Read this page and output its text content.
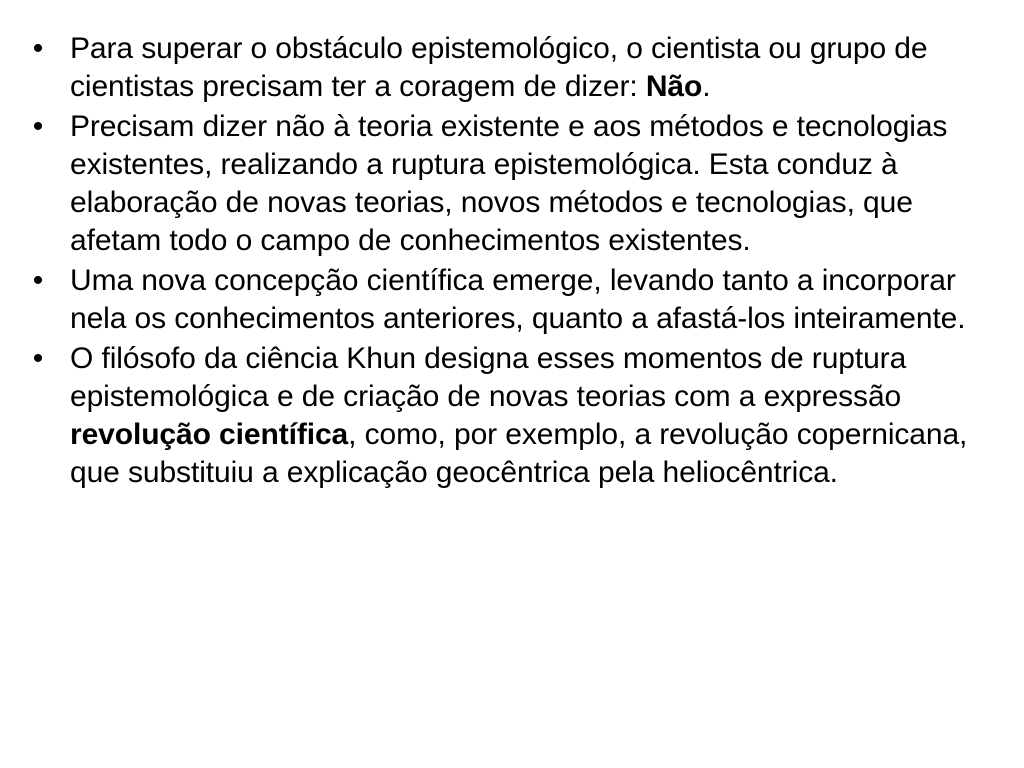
• Para superar o obstáculo epistemológico, o cientista ou grupo de cientistas precisam ter a coragem de dizer: Não.
• Precisam dizer não à teoria existente e aos métodos e tecnologias existentes, realizando a ruptura epistemológica. Esta conduz à elaboração de novas teorias, novos métodos e tecnologias, que afetam todo o campo de conhecimentos existentes.
• Uma nova concepção científica emerge, levando tanto a incorporar nela os conhecimentos anteriores, quanto a afastá-los inteiramente.
• O filósofo da ciência Khun designa esses momentos de ruptura epistemológica e de criação de novas teorias com a expressão revolução científica, como, por exemplo, a revolução copernicana, que substituiu a explicação geocêntrica pela heliocêntrica.
